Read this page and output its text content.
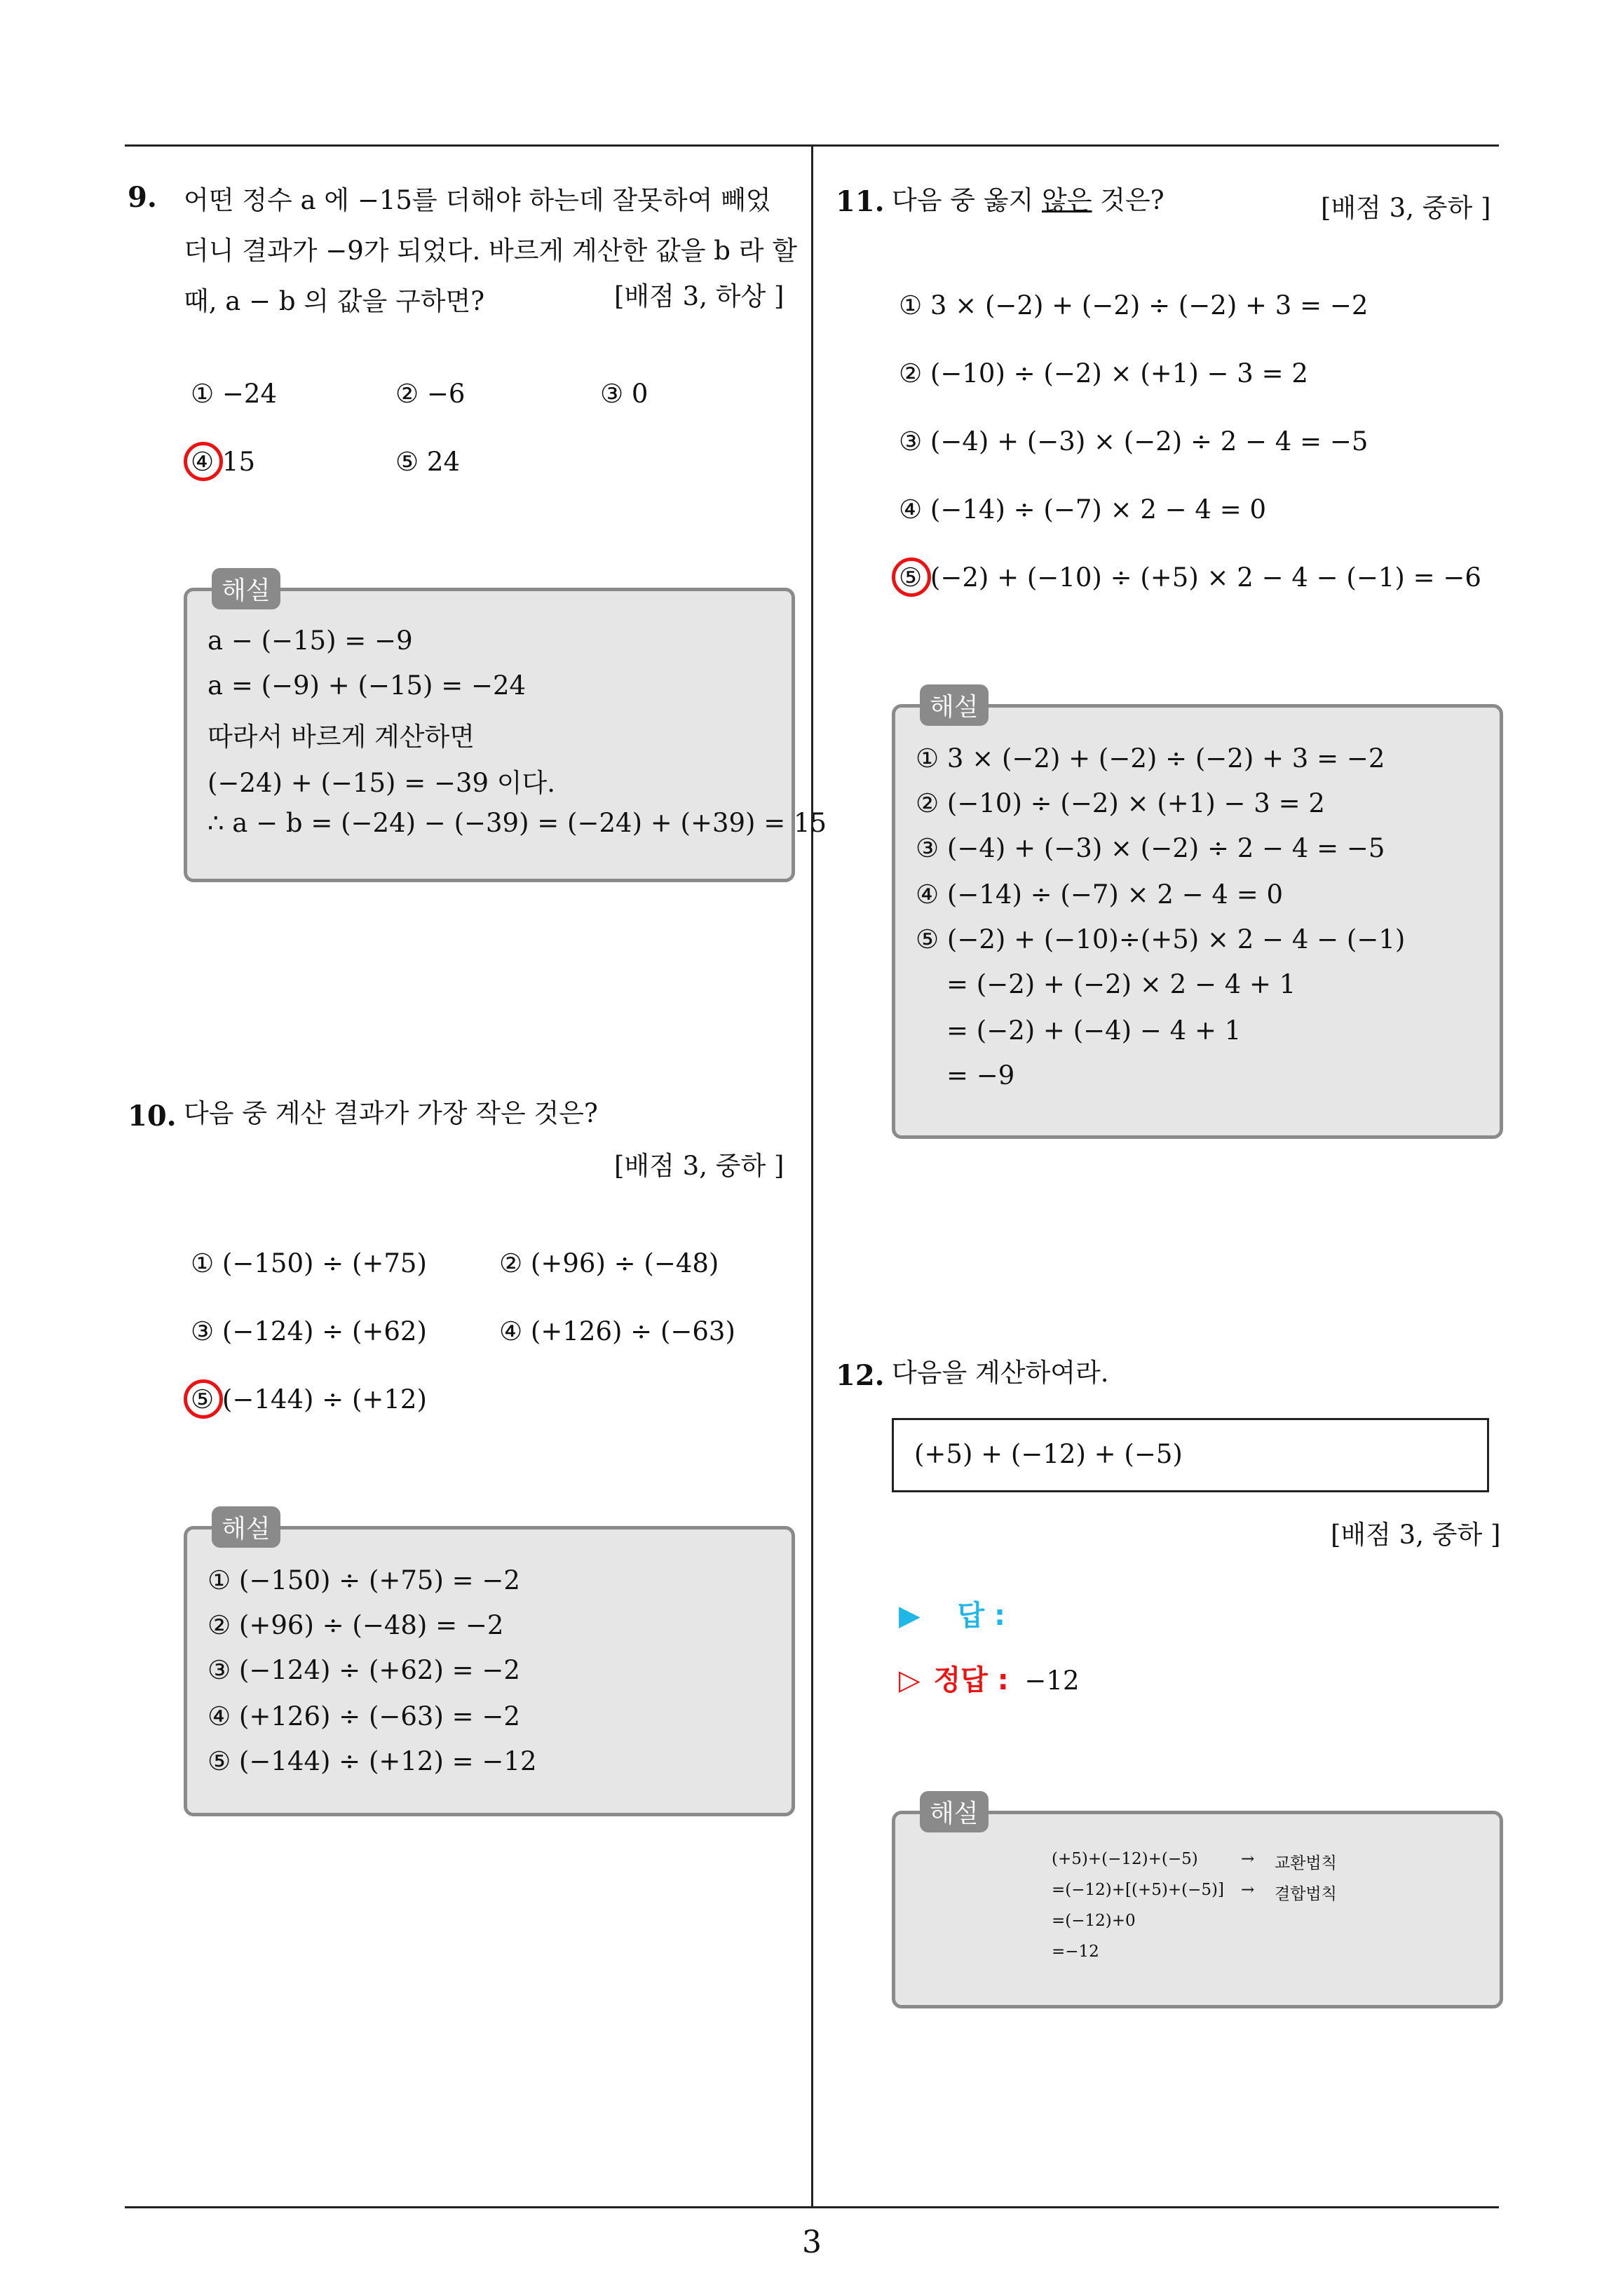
9. 어떤 정수 a 에 −15를 더해야 하는데 잘못하여 빼었
더니 결과가 −9가 되었다. 바르게 계산한 값을 b 라 할
때, a − b 의 값을 구하면?	[배점 3, 하상 ]
① −24	② −6	③ 0
④ 15	⑤ 24
해설
a − (−15) = −9
a = (−9) + (−15) = −24
따라서 바르게 계산하면
(−24) + (−15) = −39 이다.
∴ a − b = (−24) − (−39) = (−24) + (+39) = 15
10. 다음 중 계산 결과가 가장 작은 것은?
[배점 3, 중하 ]
① (−150) ÷ (+75)	② (+96) ÷ (−48)
③ (−124) ÷ (+62)	④ (+126) ÷ (−63)
⑤ (−144) ÷ (+12)
해설
① (−150) ÷ (+75) = −2
② (+96) ÷ (−48) = −2
③ (−124) ÷ (+62) = −2
④ (+126) ÷ (−63) = −2
⑤ (−144) ÷ (+12) = −12
11. 다음 중 옳지 않은 것은?	[배점 3, 중하 ]
① 3 × (−2) + (−2) ÷ (−2) + 3 = −2
② (−10) ÷ (−2) × (+1) − 3 = 2
③ (−4) + (−3) × (−2) ÷ 2 − 4 = −5
④ (−14) ÷ (−7) × 2 − 4 = 0
⑤ (−2) + (−10) ÷ (+5) × 2 − 4 − (−1) = −6
해설
① 3 × (−2) + (−2) ÷ (−2) + 3 = −2
② (−10) ÷ (−2) × (+1) − 3 = 2
③ (−4) + (−3) × (−2) ÷ 2 − 4 = −5
④ (−14) ÷ (−7) × 2 − 4 = 0
⑤ (−2) + (−10)÷(+5) × 2 − 4 − (−1)
= (−2) + (−2) × 2 − 4 + 1
= (−2) + (−4) − 4 + 1
= −9
12. 다음을 계산하여라.
(+5) + (−12) + (−5)
[배점 3, 중하 ]
▶ 답 :
▷ 정답 : −12
해설
(+5)+(−12)+(−5)	→ 교환법칙
=(−12)+[(+5)+(−5)] → 결합법칙
=(−12)+0
=−12
3
